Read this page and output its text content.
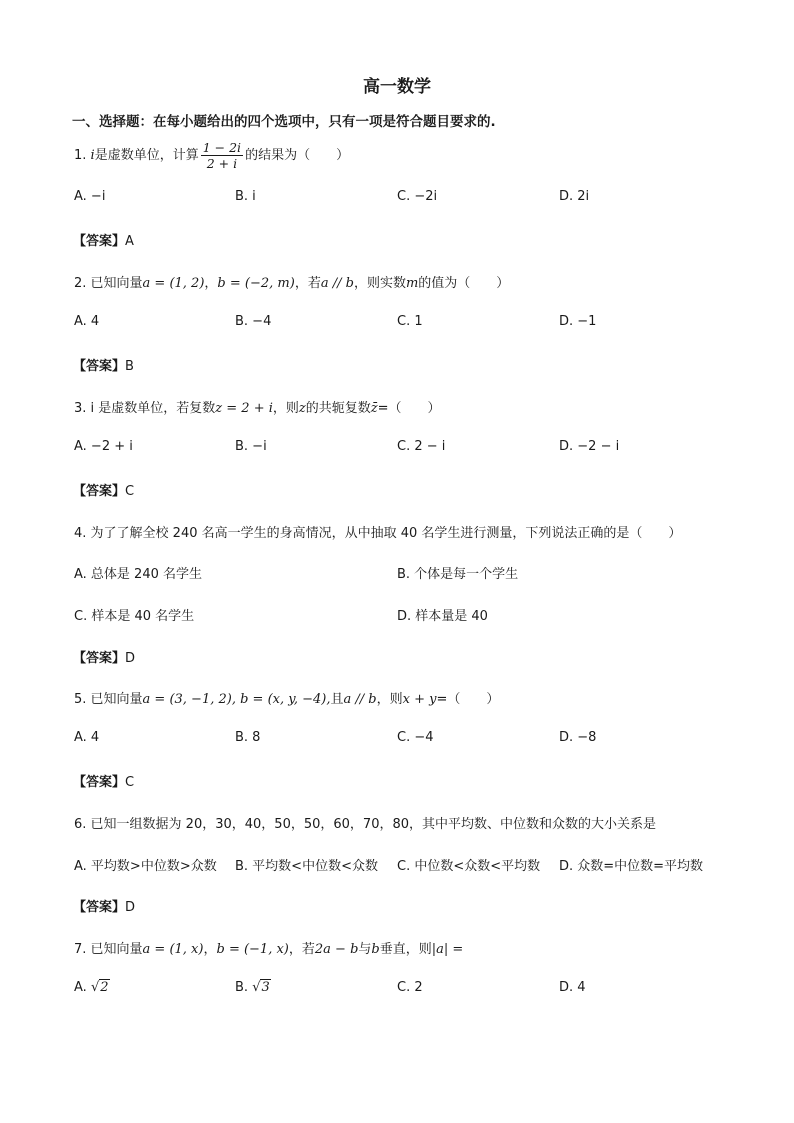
高一数学
一、选择题：在每小题给出的四个选项中，只有一项是符合题目要求的.
1. i是虚数单位，计算 $\frac{1 - 2i}{2 + i}$ 的结果为（　　）
A. −i	B. i	C. −2i	D. 2i
【答案】A
2. 已知向量a = (1, 2)，b = (−2, m)，若a // b，则实数m的值为（　　）
A. 4	B. −4	C. 1	D. −1
【答案】B
3. i 是虚数单位，若复数z = 2 + i，则z的共轭复数z̄=（　　）
A. −2 + i	B. −i	C. 2 − i	D. −2 − i
【答案】C
4. 为了了解全校 240 名高一学生的身高情况，从中抽取 40 名学生进行测量，下列说法正确的是（　　）
A. 总体是 240 名学生	B. 个体是每一个学生
C. 样本是 40 名学生	D. 样本量是 40
【答案】D
5. 已知向量a = (3, −1, 2), b = (x, y, −4),且a // b，则x + y=（　　）
A. 4	B. 8	C. −4	D. −8
【答案】C
6. 已知一组数据为 20，30，40，50，50，60，70，80，其中平均数、中位数和众数的大小关系是
A. 平均数>中位数>众数 B. 平均数<中位数<众数 C. 中位数<众数<平均数 D. 众数=中位数=平均数
【答案】D
7. 已知向量a = (1, x)，b = (−1, x)，若2a − b与b垂直，则|a| =
A. √2	B. √3	C. 2	D. 4
